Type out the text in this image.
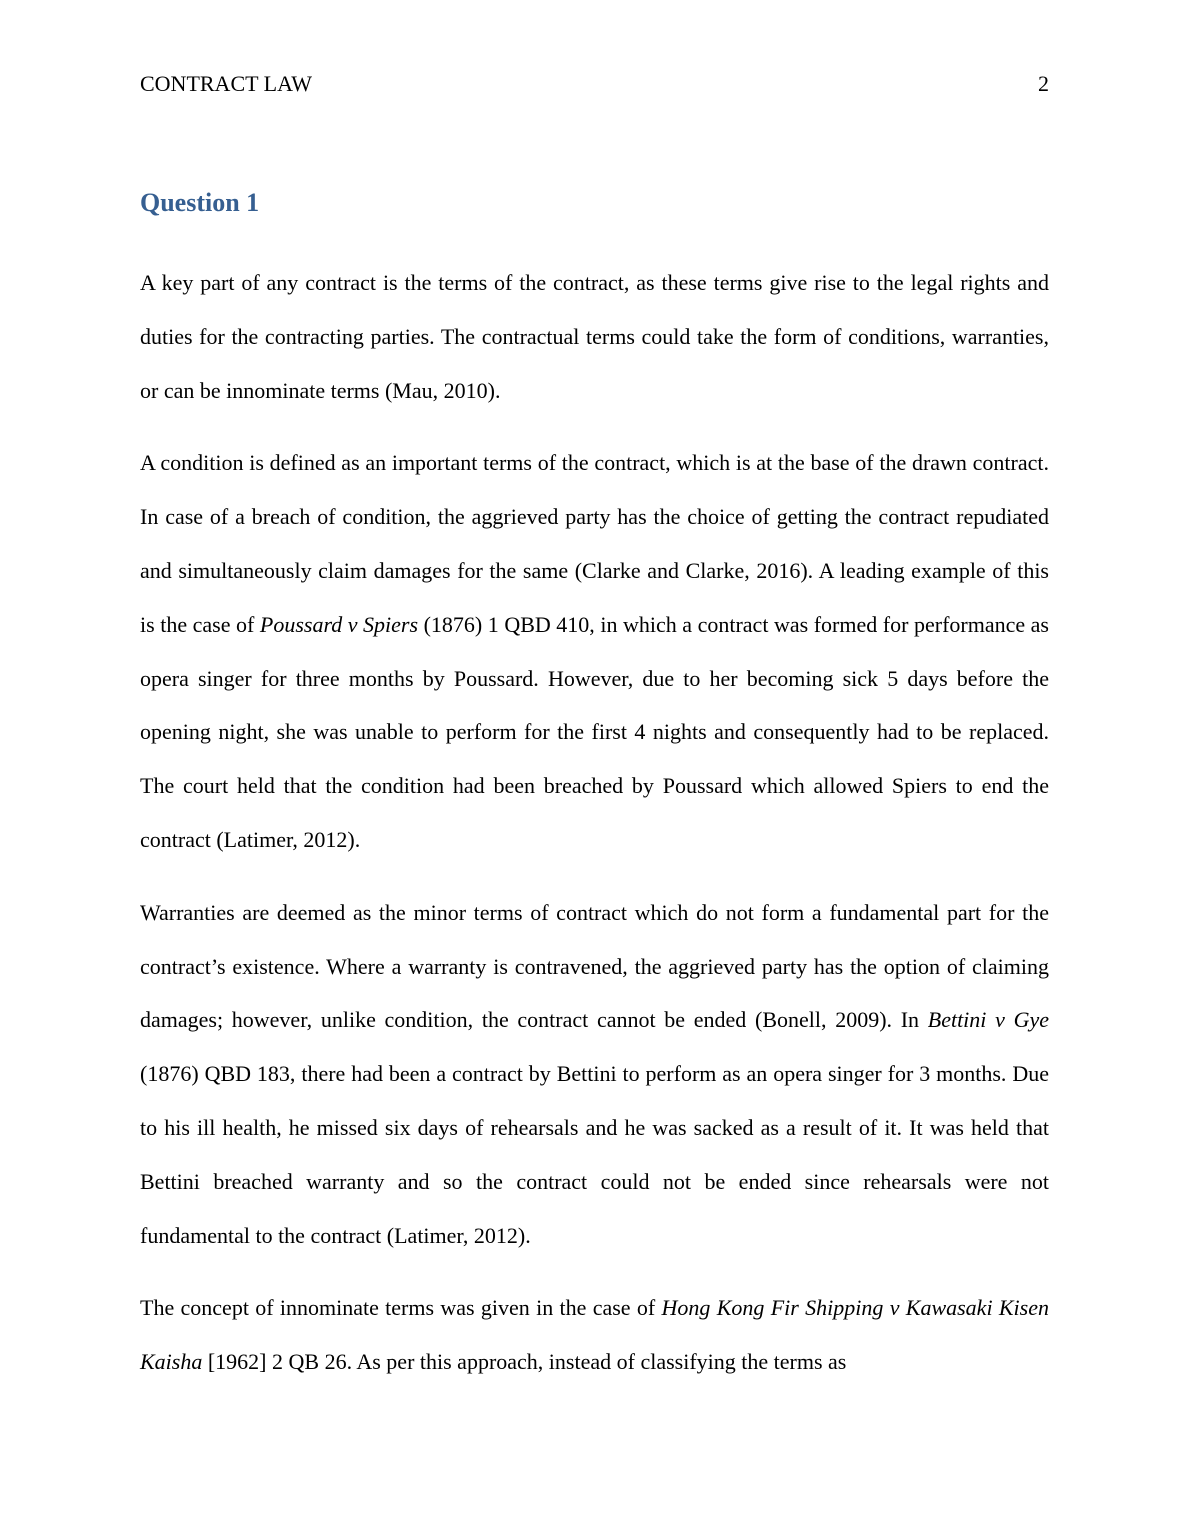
CONTRACT LAW	2
Question 1

A key part of any contract is the terms of the contract, as these terms give rise to the legal rights and duties for the contracting parties. The contractual terms could take the form of conditions, warranties, or can be innominate terms (Mau, 2010).

A condition is defined as an important terms of the contract, which is at the base of the drawn contract. In case of a breach of condition, the aggrieved party has the choice of getting the contract repudiated and simultaneously claim damages for the same (Clarke and Clarke, 2016). A leading example of this is the case of Poussard v Spiers (1876) 1 QBD 410, in which a contract was formed for performance as opera singer for three months by Poussard. However, due to her becoming sick 5 days before the opening night, she was unable to perform for the first 4 nights and consequently had to be replaced. The court held that the condition had been breached by Poussard which allowed Spiers to end the contract (Latimer, 2012).

Warranties are deemed as the minor terms of contract which do not form a fundamental part for the contract’s existence. Where a warranty is contravened, the aggrieved party has the option of claiming damages; however, unlike condition, the contract cannot be ended (Bonell, 2009). In Bettini v Gye (1876) QBD 183, there had been a contract by Bettini to perform as an opera singer for 3 months. Due to his ill health, he missed six days of rehearsals and he was sacked as a result of it. It was held that Bettini breached warranty and so the contract could not be ended since rehearsals were not fundamental to the contract (Latimer, 2012).

The concept of innominate terms was given in the case of Hong Kong Fir Shipping v Kawasaki Kisen Kaisha [1962] 2 QB 26. As per this approach, instead of classifying the terms as
